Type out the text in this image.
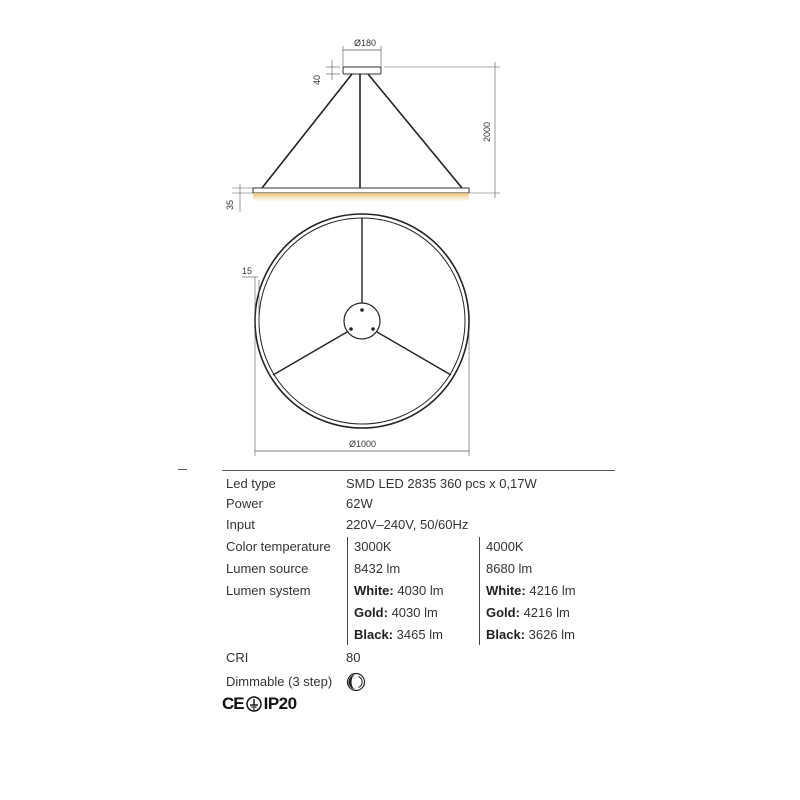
Ø180
40
2000
35
15
Ø1000
Led type	SMD LED 2835 360 pcs x 0,17W
Power	62W
Input	220V–240V, 50/60Hz
Color temperature 3000K	4000K
Lumen source	8432 lm	8680 lm
Lumen system	White: 4030 lm	White: 4216 lm
Gold: 4030 lm	Gold: 4216 lm
Black: 3465 lm	Black: 3626 lm
CRI	80
Dimmable (3 step)
CE IP20
